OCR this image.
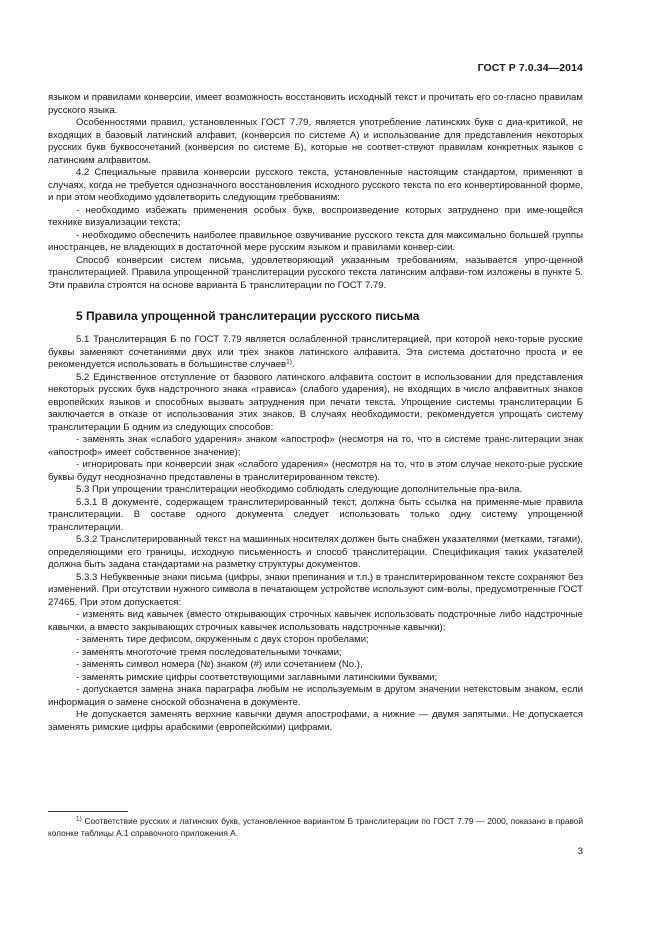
ГОСТ Р 7.0.34—2014

языком и правилами конверсии, имеет возможность восстановить исходный текст и прочитать его со-гласно правилам русского языка.

Особенностями правил, установленных ГОСТ 7.79, является употребление латинских букв с диа-критикой, не входящих в базовый латинский алфавит, (конверсия по системе А) и использование для представления некоторых русских букв буквосочетаний (конверсия по системе Б), которые не соответ-ствуют правилам конкретных языков с латинским алфавитом.

4.2 Специальные правила конверсии русского текста, установленные настоящим стандартом, применяют в случаях, когда не требуется однозначного восстановления исходного русского текста по его конвертированной форме, и при этом необходимо удовлетворить следующим требованиям:

- необходимо избежать применения особых букв, воспроизведение которых затруднено при име-ющейся технике визуализации текста;

- необходимо обеспечить наиболее правильное озвучивание русского текста для максимально большей группы иностранцев, не владеющих в достаточной мере русским языком и правилами конвер-сии.

Способ конверсии систем письма, удовлетворяющий указанным требованиям, называется упро-щенной транслитерацией. Правила упрощенной транслитерации русского текста латинским алфави-том изложены в пункте 5. Эти правила строятся на основе варианта Б транслитерации по ГОСТ 7.79.

5 Правила упрощенной транслитерации русского письма

5.1 Транслитерация Б по ГОСТ 7.79 является ослабленной транслитерацией, при которой неко-торые русские буквы заменяют сочетаниями двух или трех знаков латинского алфавита. Эта система достаточно проста и ее рекомендуется использовать в большинстве случаев$^{1)}$.

5.2 Единственное отступление от базового латинского алфавита состоит в использовании для представления некоторых русских букв надстрочного знака «грависа» (слабого ударения), не входящих в число алфавитных знаков европейских языков и способных вызвать затруднения при печати текста. Упрощение системы транслитерации Б заключается в отказе от использования этих знаков. В случаях необходимости, рекомендуется упрощать систему транслитерации Б одним из следующих способов:

- заменять знак «слабого ударения» знаком «апостроф» (несмотря на то, что в системе транс-литерации знак «апостроф» имеет собственное значение);

- игнорировать при конверсии знак «слабого ударения» (несмотря на то, что в этом случае некото-рые русские буквы будут неоднозначно представлены в транслитерированном тексте).

5.3 При упрощении транслитерации необходимо соблюдать следующие дополнительные пра-вила.

5.3.1 В документе, содержащем транслитерированный текст, должна быть ссылка на применяе-мые правила транслитерации. В составе одного документа следует использовать только одну систему упрощенной транслитерации.

5.3.2 Транслитерированный текст на машинных носителях должен быть снабжен указателями (метками, тэгами), определяющими его границы, исходную письменность и способ транслитерации. Спецификация таких указателей должна быть задана стандартами на разметку структуры документов.

5.3.3 Небуквенные знаки письма (цифры, знаки препинания и т.п.) в транслитерированном тексте сохраняют без изменений. При отсутствии нужного символа в печатающем устройстве используют сим-волы, предусмотренные ГОСТ 27465. При этом допускается:

- изменять вид кавычек (вместо открывающих строчных кавычек использовать подстрочные либо надстрочные кавычки, а вместо закрывающих строчных кавычек использовать надстрочные кавычки);

- заменять тире дефисом, окруженным с двух сторон пробелами;

- заменять многоточие тремя последовательными точками;

- заменять символ номера (№) знаком (#) или сочетанием (No.),

- заменять римские цифры соответствующими заглавными латинскими буквами;

- допускается замена знака параграфа любым не используемым в другом значении нетекстовым знаком, если информация о замене сноской обозначена в документе.

Не допускается заменять верхние кавычки двумя апострофами, а нижние — двумя запятыми. Не допускается заменять римские цифры арабскими (европейскими) цифрами.

$^{1)}$ Соответствие русских и латинских букв, установленное вариантом Б транслитерации по ГОСТ 7.79 — 2000, показано в правой колонке таблицы А.1 справочного приложения А.

3
